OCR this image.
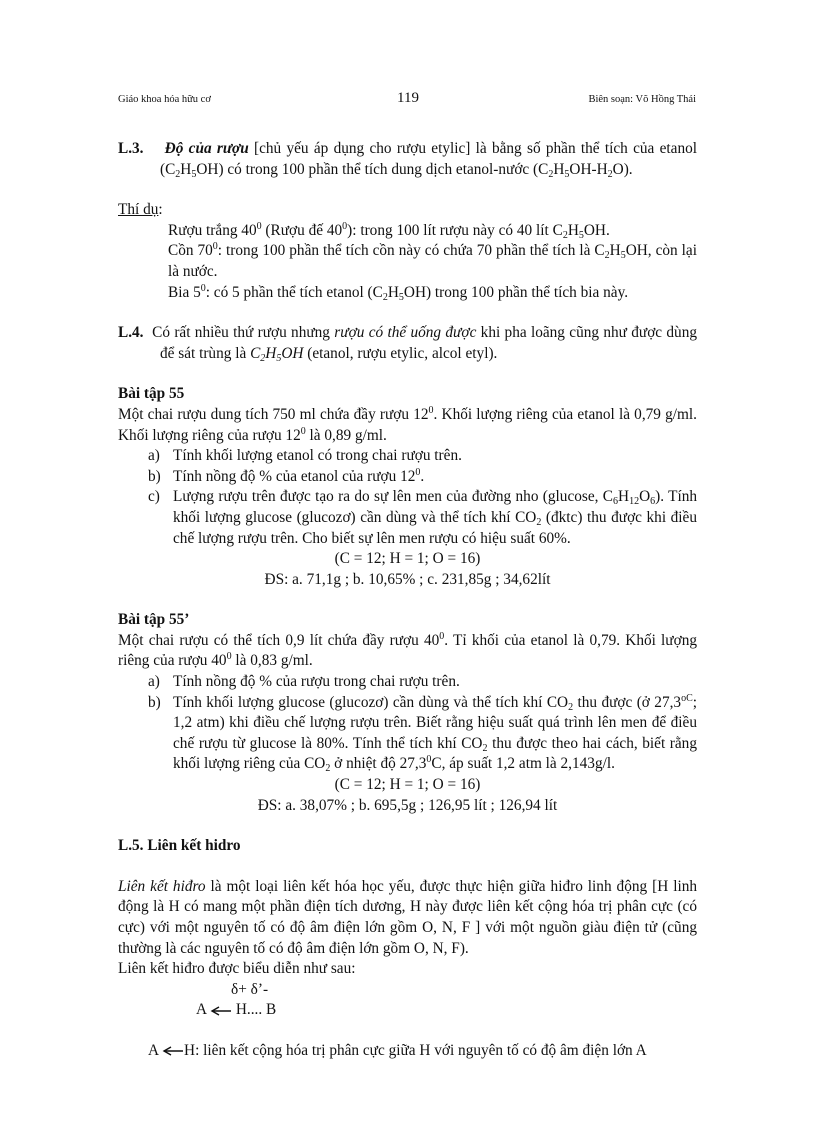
Giáo khoa hóa hữu cơ	119	Biên soạn: Võ Hồng Thái

L.3. Độ của rượu [chủ yếu áp dụng cho rượu etylic] là bằng số phần thể tích của etanol $(C_2H_5OH)$ có trong 100 phần thể tích dung dịch etanol-nước $(C_2H_5OH-H_2O)$.

Thí dụ:

Rượu trắng $40^0$ (Rượu đế $40^0$): trong 100 lít rượu này có 40 lít $C_2H_5OH$.

Cồn $70^0$: trong 100 phần thể tích cồn này có chứa 70 phần thể tích là $C_2H_5OH$, còn lại là nước.

Bia $5^0$: có 5 phần thể tích etanol $(C_2H_5OH)$ trong 100 phần thể tích bia này.

L.4. Có rất nhiều thứ rượu nhưng rượu có thể uống được khi pha loãng cũng như được dùng để sát trùng là $C_2H_5OH$ (etanol, rượu etylic, alcol etyl).

Bài tập 55

Một chai rượu dung tích 750 ml chứa đầy rượu $12^0$. Khối lượng riêng của etanol là 0,79 g/ml. Khối lượng riêng của rượu $12^0$ là 0,89 g/ml.

a) Tính khối lượng etanol có trong chai rượu trên.
b) Tính nồng độ % của etanol của rượu $12^0$.
c) Lượng rượu trên được tạo ra do sự lên men của đường nho (glucose, $C_6H_{12}O_6$). Tính khối lượng glucose (glucozơ) cần dùng và thể tích khí $CO_2$ (đktc) thu được khi điều chế lượng rượu trên. Cho biết sự lên men rượu có hiệu suất 60%.

(C = 12; H = 1; O = 16)

ĐS: a. 71,1g ; b. 10,65% ; c. 231,85g ; 34,62lít

Bài tập 55’

Một chai rượu có thể tích 0,9 lít chứa đầy rượu $40^0$. Tỉ khối của etanol là 0,79. Khối lượng riêng của rượu $40^0$ là 0,83 g/ml.

a) Tính nồng độ % của rượu trong chai rượu trên.
b) Tính khối lượng glucose (glucozơ) cần dùng và thể tích khí $CO_2$ thu được (ở $27,3^{oC}$; 1,2 atm) khi điều chế lượng rượu trên. Biết rằng hiệu suất quá trình lên men để điều chế rượu từ glucose là 80%. Tính thể tích khí $CO_2$ thu được theo hai cách, biết rằng khối lượng riêng của $CO_2$ ở nhiệt độ 27,3$^0$C, áp suất 1,2 atm là 2,143g/l.

(C = 12; H = 1; O = 16)

ĐS: a. 38,07% ; b. 695,5g ; 126,95 lít ; 126,94 lít

L.5. Liên kết hidro

Liên kết hiđro là một loại liên kết hóa học yếu, được thực hiện giữa hiđro linh động [H linh động là H có mang một phần điện tích dương, H này được liên kết cộng hóa trị phân cực (có cực) với một nguyên tố có độ âm điện lớn gồm O, N, F ] với một nguồn giàu điện tử (cũng thường là các nguyên tố có độ âm điện lớn gồm O, N, F).

Liên kết hiđro được biểu diễn như sau:

δ+ δ’-

A H.... B

A H: liên kết cộng hóa trị phân cực giữa H với nguyên tố có độ âm điện lớn A
